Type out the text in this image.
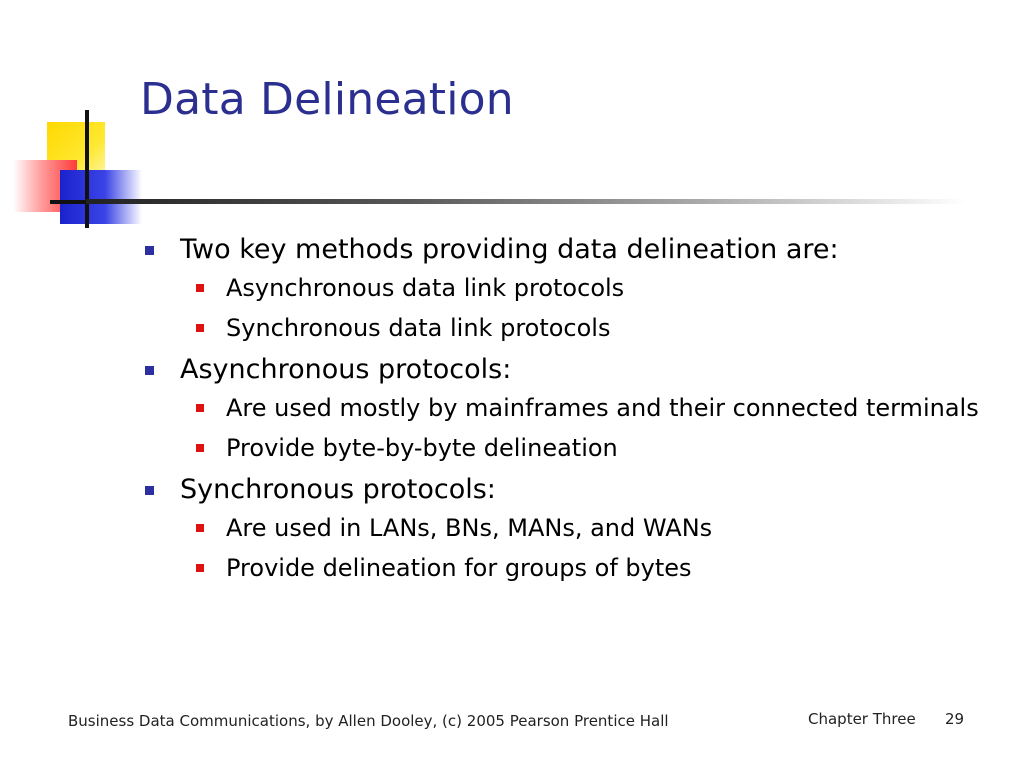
Data Delineation
Two key methods providing data delineation are:
Asynchronous data link protocols
Synchronous data link protocols
Asynchronous protocols:
Are used mostly by mainframes and their connected terminals
Provide byte-by-byte delineation
Synchronous protocols:
Are used in LANs, BNs, MANs, and WANs
Provide delineation for groups of bytes
Business Data Communications, by Allen Dooley, (c) 2005 Pearson Prentice Hall	Chapter Three 29
